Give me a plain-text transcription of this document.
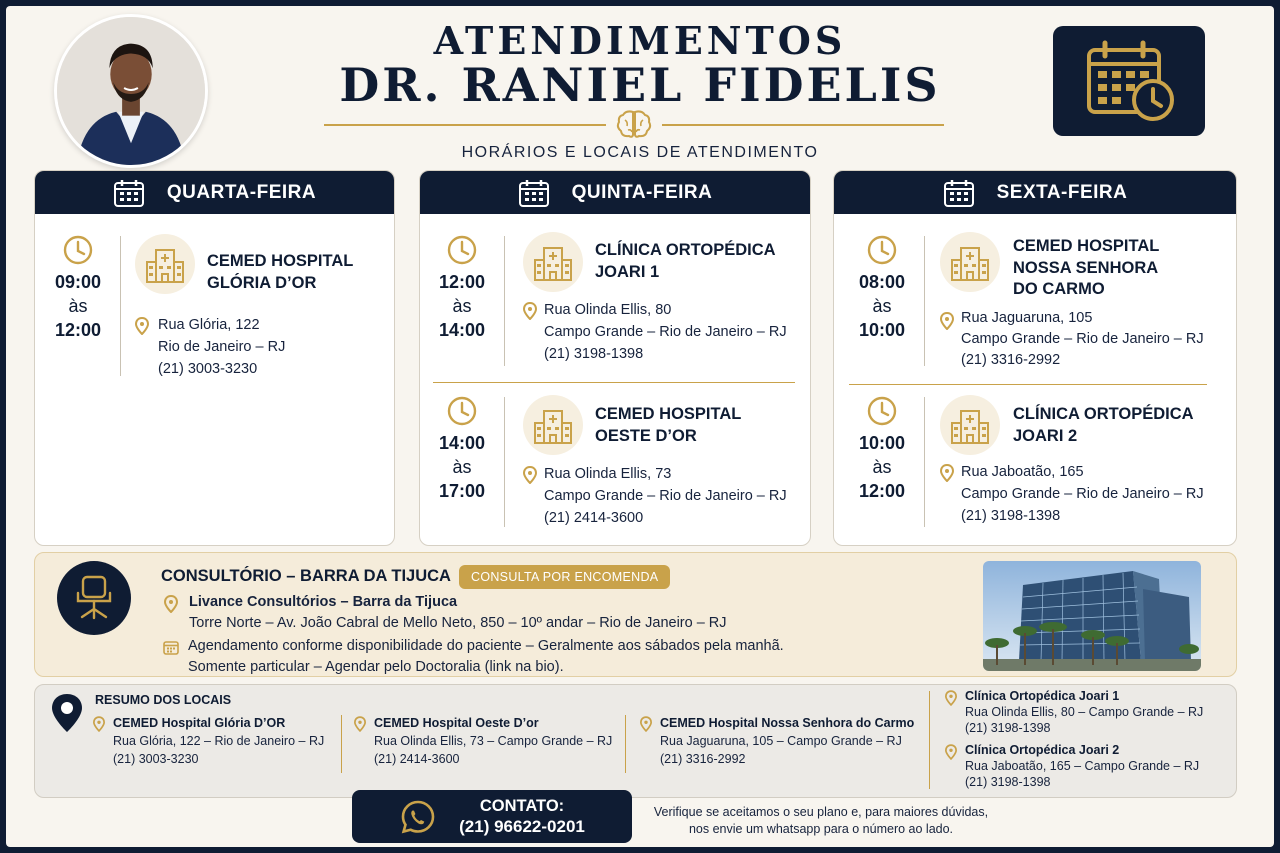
ATENDIMENTOS
DR. RANIEL FIDELIS
HORÁRIOS E LOCAIS DE ATENDIMENTO
QUARTA-FEIRA
09:00
às
12:00
CEMED HOSPITAL
GLÓRIA D’OR
Rua Glória, 122
Rio de Janeiro – RJ
(21) 3003-3230
QUINTA-FEIRA
12:00
às
14:00
CLÍNICA ORTOPÉDICA
JOARI 1
Rua Olinda Ellis, 80
Campo Grande – Rio de Janeiro – RJ
(21) 3198-1398
14:00
às
17:00
CEMED HOSPITAL
OESTE D’OR
Rua Olinda Ellis, 73
Campo Grande – Rio de Janeiro – RJ
(21) 2414-3600
SEXTA-FEIRA
08:00
às
10:00
CEMED HOSPITAL
NOSSA SENHORA
DO CARMO
Rua Jaguaruna, 105
Campo Grande – Rio de Janeiro – RJ
(21) 3316-2992
10:00
às
12:00
CLÍNICA ORTOPÉDICA
JOARI 2
Rua Jaboatão, 165
Campo Grande – Rio de Janeiro – RJ
(21) 3198-1398
CONSULTÓRIO – BARRA DA TIJUCA	CONSULTA POR ENCOMENDA
Livance Consultórios – Barra da Tijuca
Torre Norte – Av. João Cabral de Mello Neto, 850 – 10º andar – Rio de Janeiro – RJ
Agendamento conforme disponibilidade do paciente – Geralmente aos sábados pela manhã.
Somente particular – Agendar pelo Doctoralia (link na bio).
RESUMO DOS LOCAIS
CEMED Hospital Glória D’OR
Rua Glória, 122 – Rio de Janeiro – RJ
(21) 3003-3230
CEMED Hospital Oeste D’or
Rua Olinda Ellis, 73 – Campo Grande – RJ
(21) 2414-3600
CEMED Hospital Nossa Senhora do Carmo
Rua Jaguaruna, 105 – Campo Grande – RJ
(21) 3316-2992
Clínica Ortopédica Joari 1
Rua Olinda Ellis, 80 – Campo Grande – RJ
(21) 3198-1398
Clínica Ortopédica Joari 2
Rua Jaboatão, 165 – Campo Grande – RJ
(21) 3198-1398
CONTATO:
(21) 96622-0201
Verifique se aceitamos o seu plano e, para maiores dúvidas, nos envie um whatsapp para o número ao lado.
